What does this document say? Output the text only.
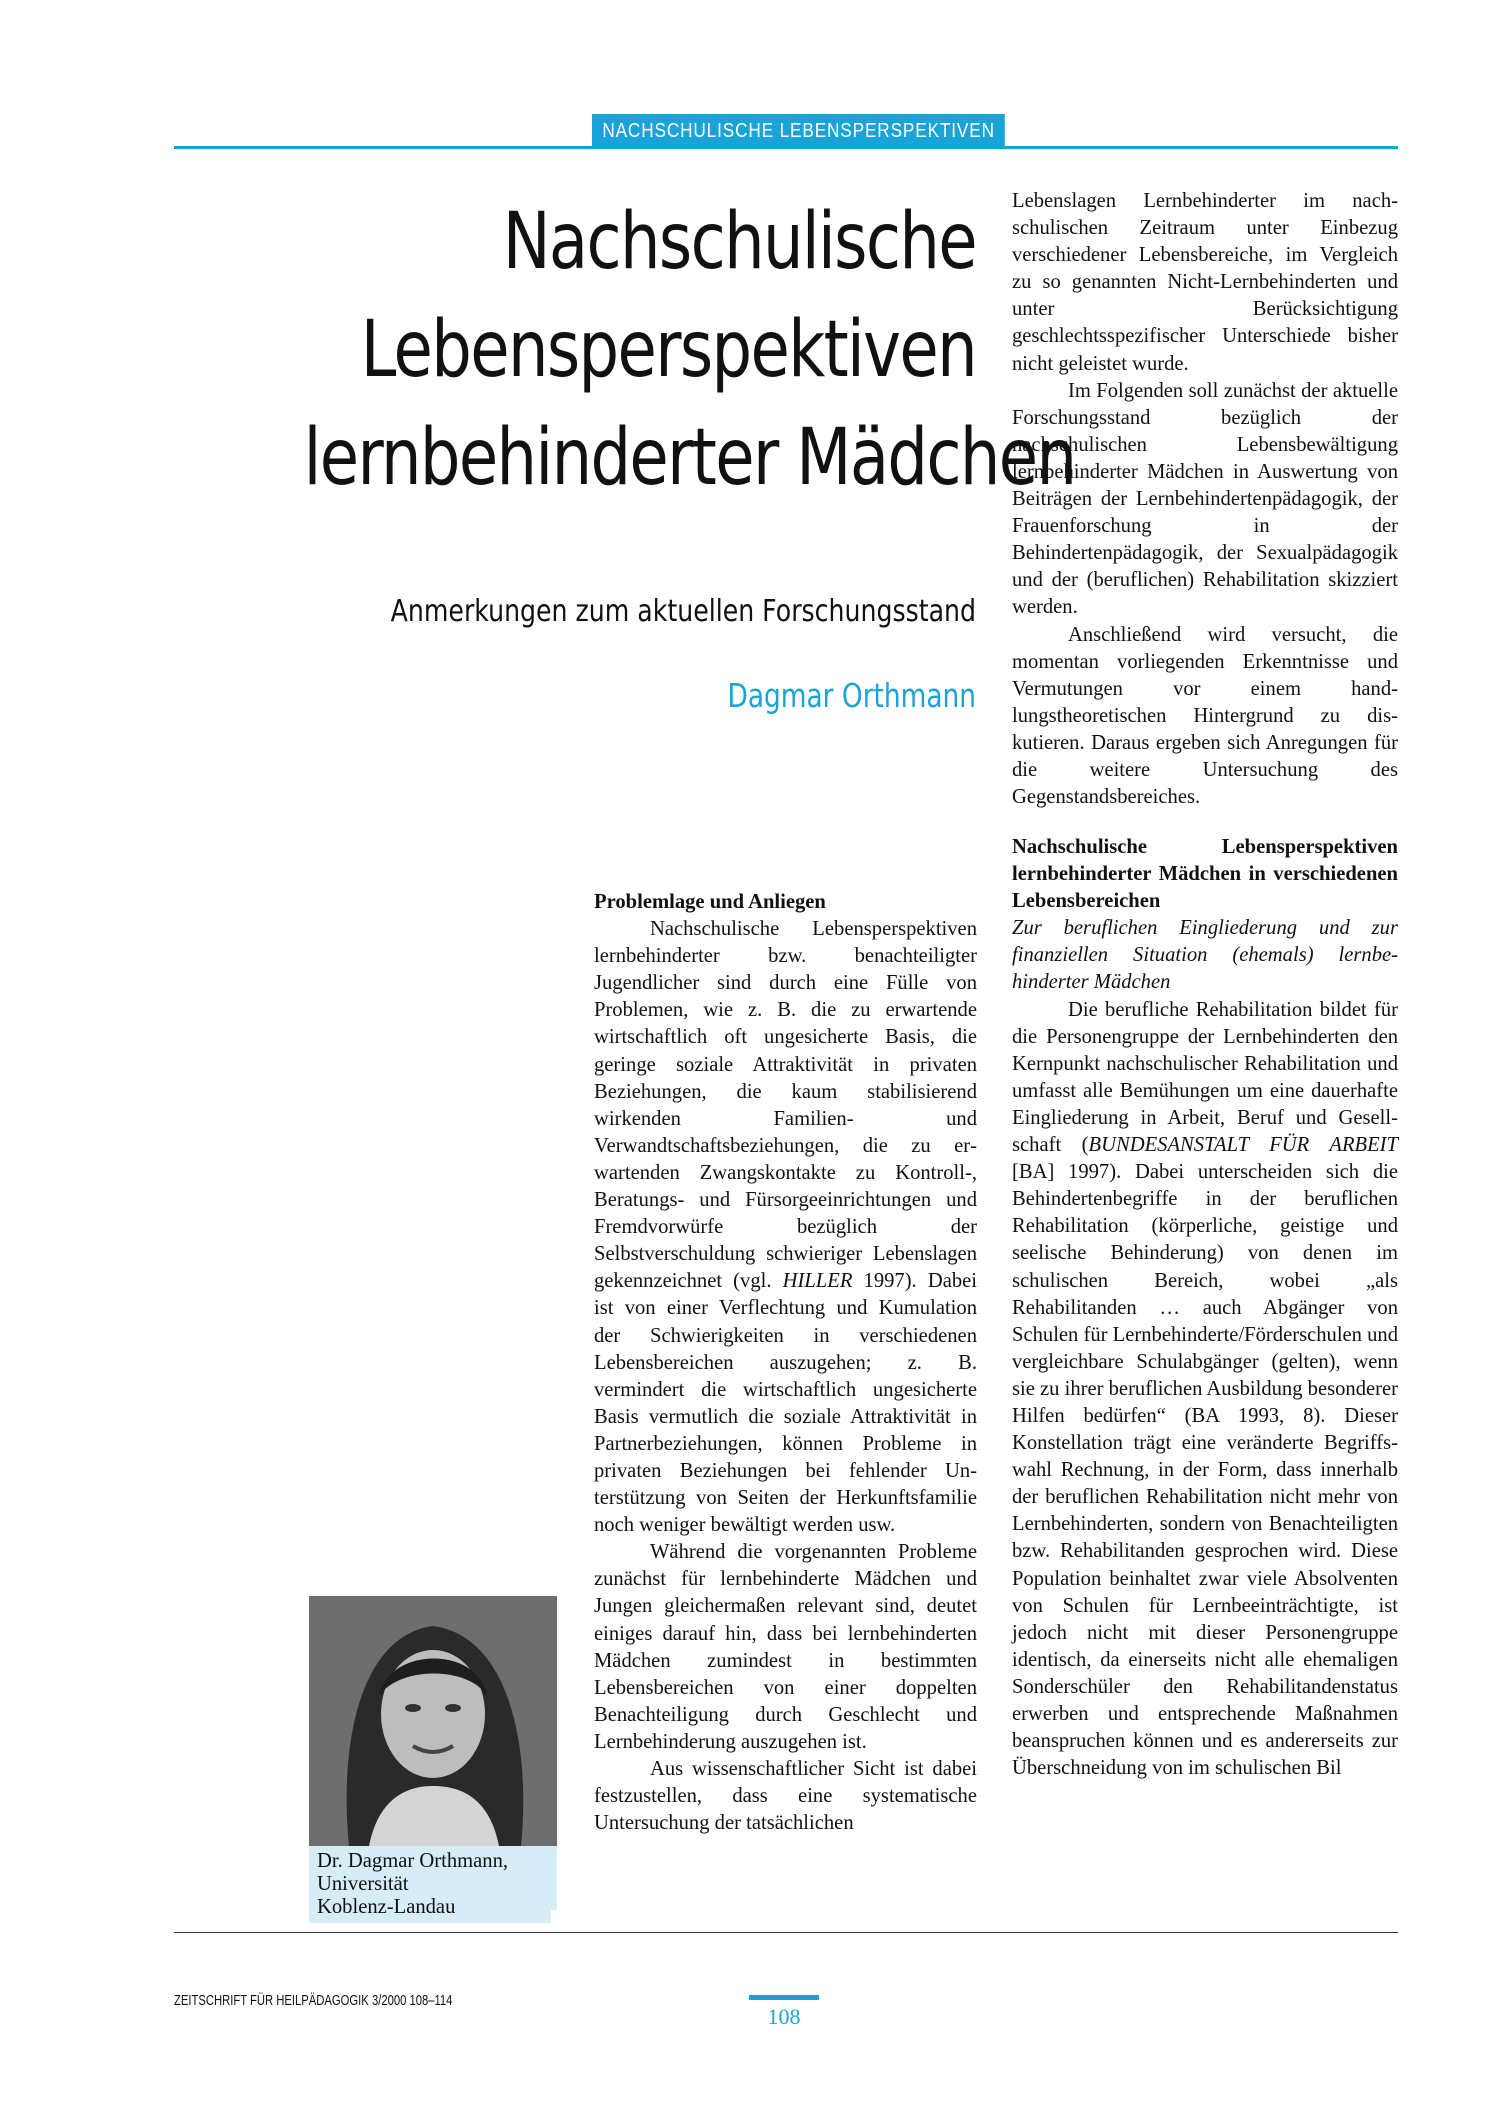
NACHSCHULISCHE LEBENSPERSPEKTIVEN
Nachschulische
Lebensperspektiven
lernbehinderter Mädchen
Anmerkungen zum aktuellen Forschungsstand
Dagmar Orthmann
Problemlage und Anliegen

Nachschulische Lebensperspektiven lernbehinderter bzw. benachteiligter Jugendlicher sind durch eine Fülle von Problemen, wie z. B. die zu erwartende wirtschaftlich oft ungesicherte Basis, die geringe soziale Attraktivität in privaten Beziehungen, die kaum stabilisierend wirkenden Familien- und Verwandtschaftsbeziehungen, die zu erwartenden Zwangskontakte zu Kontroll-, Beratungs- und Fürsorgeeinrichtungen und Fremdvorwürfe bezüglich der Selbstverschuldung schwieriger Lebenslagen gekennzeichnet (vgl. HILLER 1997). Dabei ist von einer Verflechtung und Kumulation der Schwierigkeiten in verschiedenen Lebensbereichen auszugehen; z. B. vermindert die wirtschaftlich ungesicherte Basis vermutlich die soziale Attraktivität in Partnerbeziehungen, können Probleme in privaten Beziehungen bei fehlender Unterstützung von Seiten der Herkunftsfamilie noch weniger bewältigt werden usw.

Während die vorgenannten Probleme zunächst für lernbehinderte Mädchen und Jungen gleichermaßen relevant sind, deutet einiges darauf hin, dass bei lernbehinderten Mädchen zumindest in bestimmten Lebensbereichen von einer doppelten Benachteiligung durch Geschlecht und Lernbehinderung auszugehen ist.

Aus wissenschaftlicher Sicht ist dabei festzustellen, dass eine systematische Untersuchung der tatsächlichen

Lebenslagen Lernbehinderter im nachschulischen Zeitraum unter Einbezug verschiedener Lebensbereiche, im Vergleich zu so genannten Nicht-Lernbehinderten und unter Berücksichtigung geschlechtsspezifischer Unterschiede bisher nicht geleistet wurde.

Im Folgenden soll zunächst der aktuelle Forschungsstand bezüglich der nachschulischen Lebensbewältigung lernbehinderter Mädchen in Auswertung von Beiträgen der Lernbehindertenpädagogik, der Frauenforschung in der Behindertenpädagogik, der Sexualpädagogik und der (beruflichen) Rehabilitation skizziert werden.

Anschließend wird versucht, die momentan vorliegenden Erkenntnisse und Vermutungen vor einem handlungstheoretischen Hintergrund zu diskutieren. Daraus ergeben sich Anregungen für die weitere Untersuchung des Gegenstandsbereiches.

Nachschulische Lebensperspektiven lernbehinderter Mädchen in verschiedenen Lebensbereichen

Zur beruflichen Eingliederung und zur finanziellen Situation (ehemals) lernbehinderter Mädchen

Die berufliche Rehabilitation bildet für die Personengruppe der Lernbehinderten den Kernpunkt nachschulischer Rehabilitation und umfasst alle Bemühungen um eine dauerhafte Eingliederung in Arbeit, Beruf und Gesellschaft (BUNDESANSTALT FÜR ARBEIT [BA] 1997). Dabei unterscheiden sich die Behindertenbegriffe in der beruflichen Rehabilitation (körperliche, geistige und seelische Behinderung) von denen im schulischen Bereich, wobei „als Rehabilitanden … auch Abgänger von Schulen für Lernbehinderte/Förderschulen und vergleichbare Schulabgänger (gelten), wenn sie zu ihrer beruflichen Ausbildung besonderer Hilfen bedürfen“ (BA 1993, 8). Dieser Konstellation trägt eine veränderte Begriffswahl Rechnung, in der Form, dass innerhalb der beruflichen Rehabilitation nicht mehr von Lernbehinderten, sondern von Benachteiligten bzw. Rehabilitanden gesprochen wird. Diese Population beinhaltet zwar viele Absolventen von Schulen für Lernbeeinträchtigte, ist jedoch nicht mit dieser Personengruppe identisch, da einerseits nicht alle ehemaligen Sonderschüler den Rehabilitandenstatus erwerben und entsprechende Maßnahmen beanspruchen können und es andererseits zur Überschneidung von im schulischen Bil

Dr. Dagmar Orthmann,
Universität
Koblenz-Landau
ZEITSCHRIFT FÜR HEILPÄDAGOGIK 3/2000 108–114
108
